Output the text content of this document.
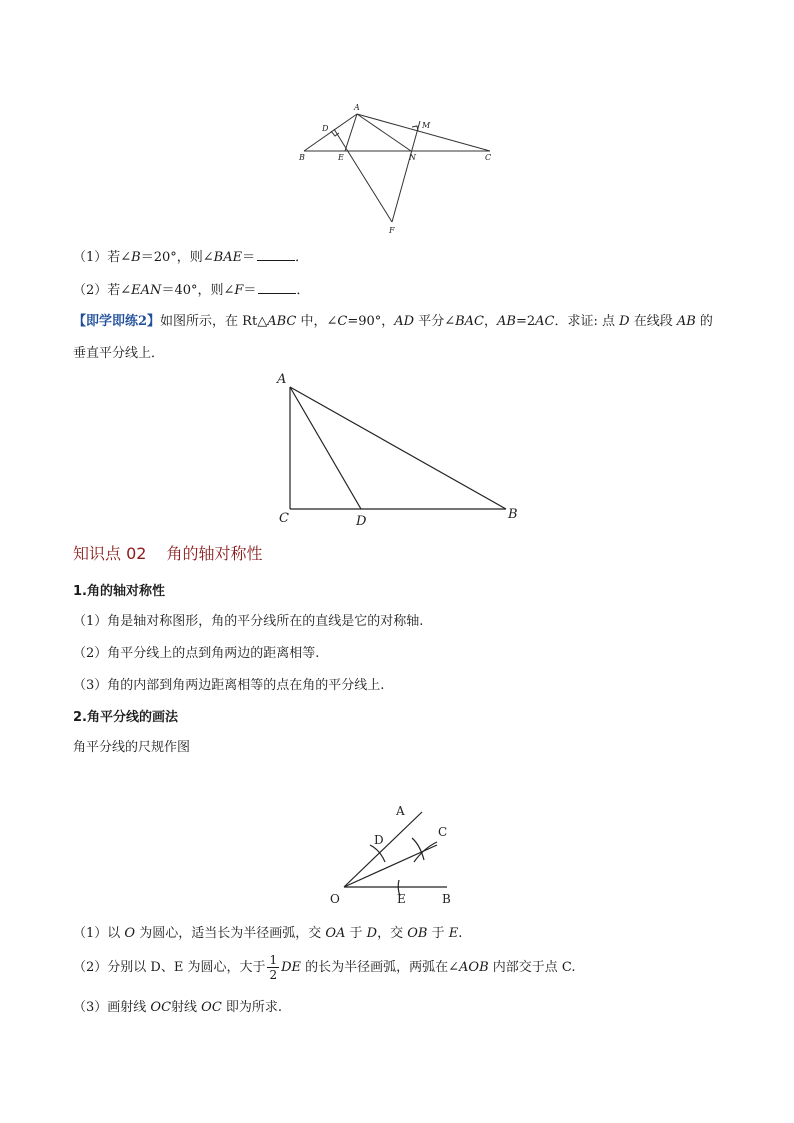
A
B	C
D
E	N
M
F
（1）若∠B＝20°，则∠BAE＝	．
（2）若∠EAN＝40°，则∠F＝	．
【即学即练2】如图所示，在 Rt△ABC 中，∠C=90°，AD 平分∠BAC，AB=2AC．求证: 点 D 在线段 AB 的
垂直平分线上．
A
C	D	B
知识点 02 角的轴对称性
1.角的轴对称性
（1）角是轴对称图形，角的平分线所在的直线是它的对称轴.
（2）角平分线上的点到角两边的距离相等.
（3）角的内部到角两边距离相等的点在角的平分线上.
2.角平分线的画法
角平分线的尺规作图
A
D
C
O	E	B
（1）以 O 为圆心，适当长为半径画弧，交 OA 于 D，交 OB 于 E.
（2）分别以 D、E 为圆心，大于 $\frac{1}{2}$ DE 的长为半径画弧，两弧在∠AOB 内部交于点 C.
（3）画射线 OC射线 OC 即为所求.
